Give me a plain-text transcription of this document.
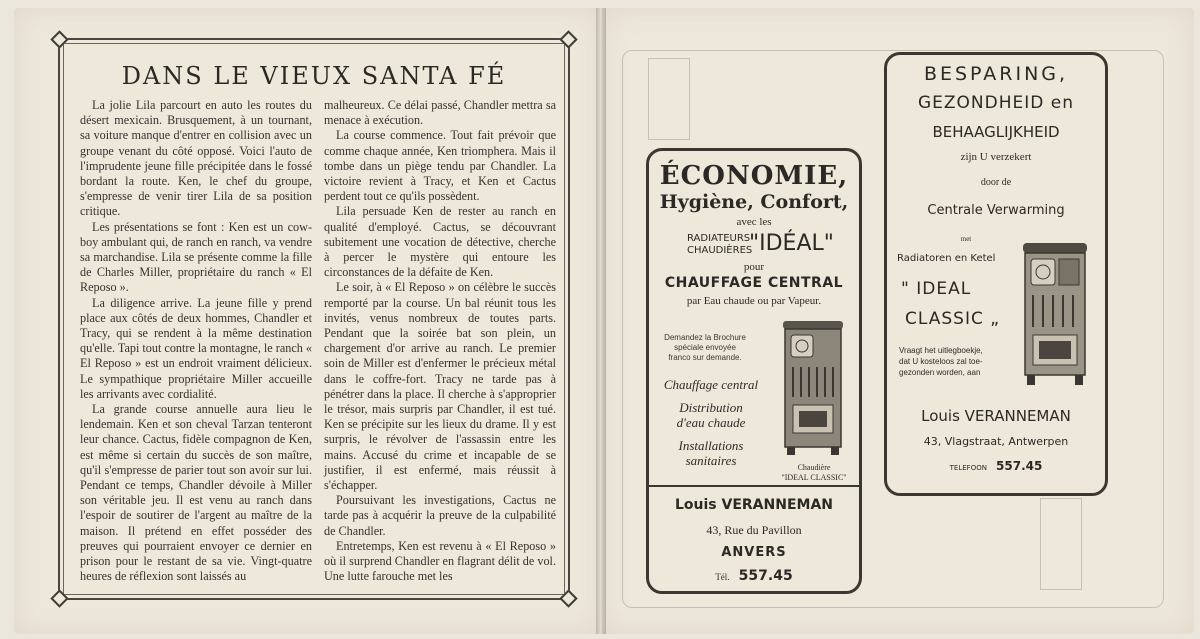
DANS LE VIEUX SANTA FÉ

La jolie Lila parcourt en auto les routes du désert mexicain. Brusquement, à un tournant, sa voiture manque d'entrer en collision avec un groupe venant du côté opposé. Voici l'auto de l'imprudente jeune fille précipitée dans le fossé bordant la route. Ken, le chef du groupe, s'empresse de venir tirer Lila de sa position critique.

Les présentations se font : Ken est un cow-boy ambulant qui, de ranch en ranch, va vendre sa marchandise. Lila se présente comme la fille de Charles Miller, propriétaire du ranch « El Reposo ».

La diligence arrive. La jeune fille y prend place aux côtés de deux hommes, Chandler et Tracy, qui se rendent à la même destination qu'elle. Tapi tout contre la montagne, le ranch « El Reposo » est un endroit vraiment délicieux. Le sympathique propriétaire Miller accueille les arrivants avec cordialité.

La grande course annuelle aura lieu le lendemain. Ken et son cheval Tarzan tenteront leur chance. Cactus, fidèle compagnon de Ken, est même si certain du succès de son maître, qu'il s'empresse de parier tout son avoir sur lui. Pendant ce temps, Chandler dévoile à Miller son véritable jeu. Il est venu au ranch dans l'espoir de soutirer de l'argent au maître de la maison. Il prétend en effet posséder des preuves qui pourraient envoyer ce dernier en prison pour le restant de sa vie. Vingt-quatre heures de réflexion sont laissés au

malheureux. Ce délai passé, Chandler mettra sa menace à exécution.

La course commence. Tout fait prévoir que comme chaque année, Ken triomphera. Mais il tombe dans un piège tendu par Chandler. La victoire revient à Tracy, et Ken et Cactus perdent tout ce qu'ils possèdent.

Lila persuade Ken de rester au ranch en qualité d'employé. Cactus, se découvrant subitement une vocation de détective, cherche à percer le mystère qui entoure les circonstances de la défaite de Ken.

Le soir, à « El Reposo » on célèbre le succès remporté par la course. Un bal réunit tous les invités, venus nombreux de toutes parts. Pendant que la soirée bat son plein, un chargement d'or arrive au ranch. Le premier soin de Miller est d'enfermer le précieux métal dans le coffre-fort. Tracy ne tarde pas à pénétrer dans la place. Il cherche à s'approprier le trésor, mais surpris par Chandler, il est tué. Ken se précipite sur les lieux du drame. Il y est surpris, le révolver de l'assassin entre les mains. Accusé du crime et incapable de se justifier, il est enfermé, mais réussit à s'échapper.

Poursuivant les investigations, Cactus ne tarde pas à acquérir la preuve de la culpabilité de Chandler.

Entretemps, Ken est revenu à « El Reposo » où il surprend Chandler en flagrant délit de vol. Une lutte farouche met les

ÉCONOMIE,
Hygiène, Confort,
avec les
RADIATEURS
CHAUDIÈRES
"IDÉAL"
pour
CHAUFFAGE CENTRAL
par Eau chaude ou par Vapeur.
Demandez la Brochure
spéciale envoyée
franco sur demande.
Chauffage central
Distribution
d'eau chaude
Installations
sanitaires	Chaudière
"IDEAL CLASSIC"
Louis VERANNEMAN
43, Rue du Pavillon
ANVERS
Tél. 557.45
BESPARING,
GEZONDHEID en
BEHAAGLIJKHEID
zijn U verzekert
door de
Centrale Verwarming
met
Radiatoren en Ketel
" IDEAL
CLASSIC „
Vraagt het uitlegboekje,
dat U kosteloos zal toe-
gezonden worden, aan
Louis VERANNEMAN
43, Vlagstraat, Antwerpen
TELEFOON 557.45
